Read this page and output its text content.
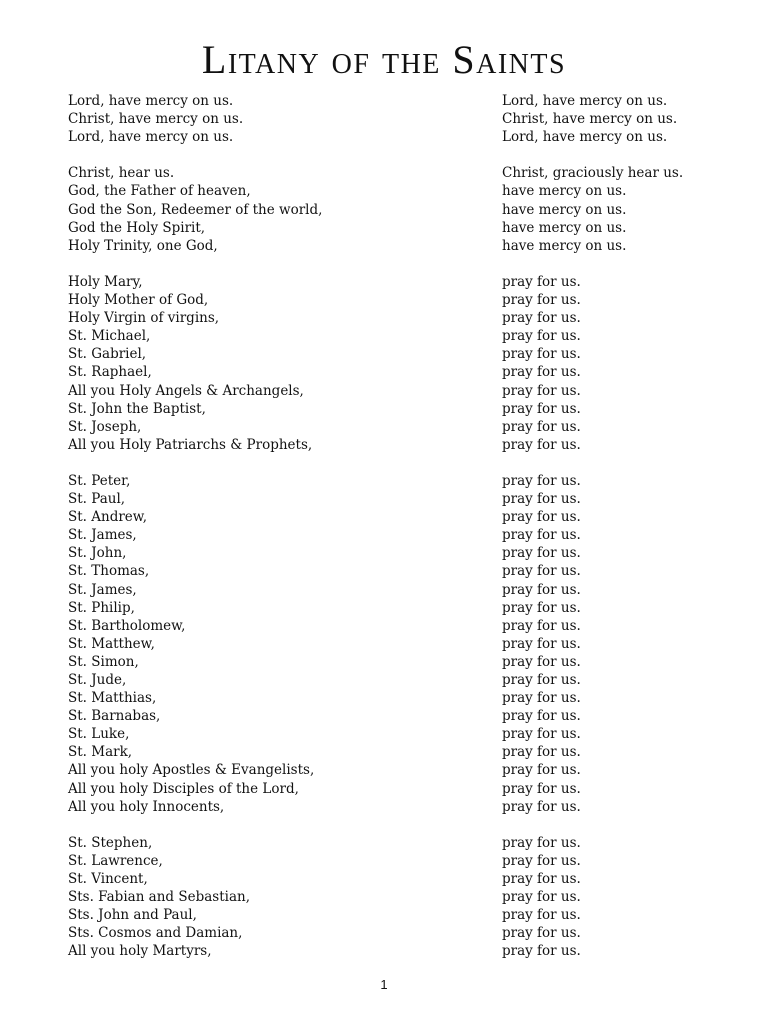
Litany of the Saints
Lord, have mercy on us.	Lord, have mercy on us.
Christ, have mercy on us.	Christ, have mercy on us.
Lord, have mercy on us.	Lord, have mercy on us.
Christ, hear us.	Christ, graciously hear us.
God, the Father of heaven,	have mercy on us.
God the Son, Redeemer of the world,	have mercy on us.
God the Holy Spirit,	have mercy on us.
Holy Trinity, one God,	have mercy on us.
Holy Mary,	pray for us.
Holy Mother of God,	pray for us.
Holy Virgin of virgins,	pray for us.
St. Michael,	pray for us.
St. Gabriel,	pray for us.
St. Raphael,	pray for us.
All you Holy Angels & Archangels,	pray for us.
St. John the Baptist,	pray for us.
St. Joseph,	pray for us.
All you Holy Patriarchs & Prophets,	pray for us.
St. Peter,	pray for us.
St. Paul,	pray for us.
St. Andrew,	pray for us.
St. James,	pray for us.
St. John,	pray for us.
St. Thomas,	pray for us.
St. James,	pray for us.
St. Philip,	pray for us.
St. Bartholomew,	pray for us.
St. Matthew,	pray for us.
St. Simon,	pray for us.
St. Jude,	pray for us.
St. Matthias,	pray for us.
St. Barnabas,	pray for us.
St. Luke,	pray for us.
St. Mark,	pray for us.
All you holy Apostles & Evangelists,	pray for us.
All you holy Disciples of the Lord,	pray for us.
All you holy Innocents,	pray for us.
St. Stephen,	pray for us.
St. Lawrence,	pray for us.
St. Vincent,	pray for us.
Sts. Fabian and Sebastian,	pray for us.
Sts. John and Paul,	pray for us.
Sts. Cosmos and Damian,	pray for us.
All you holy Martyrs,	pray for us.
1
